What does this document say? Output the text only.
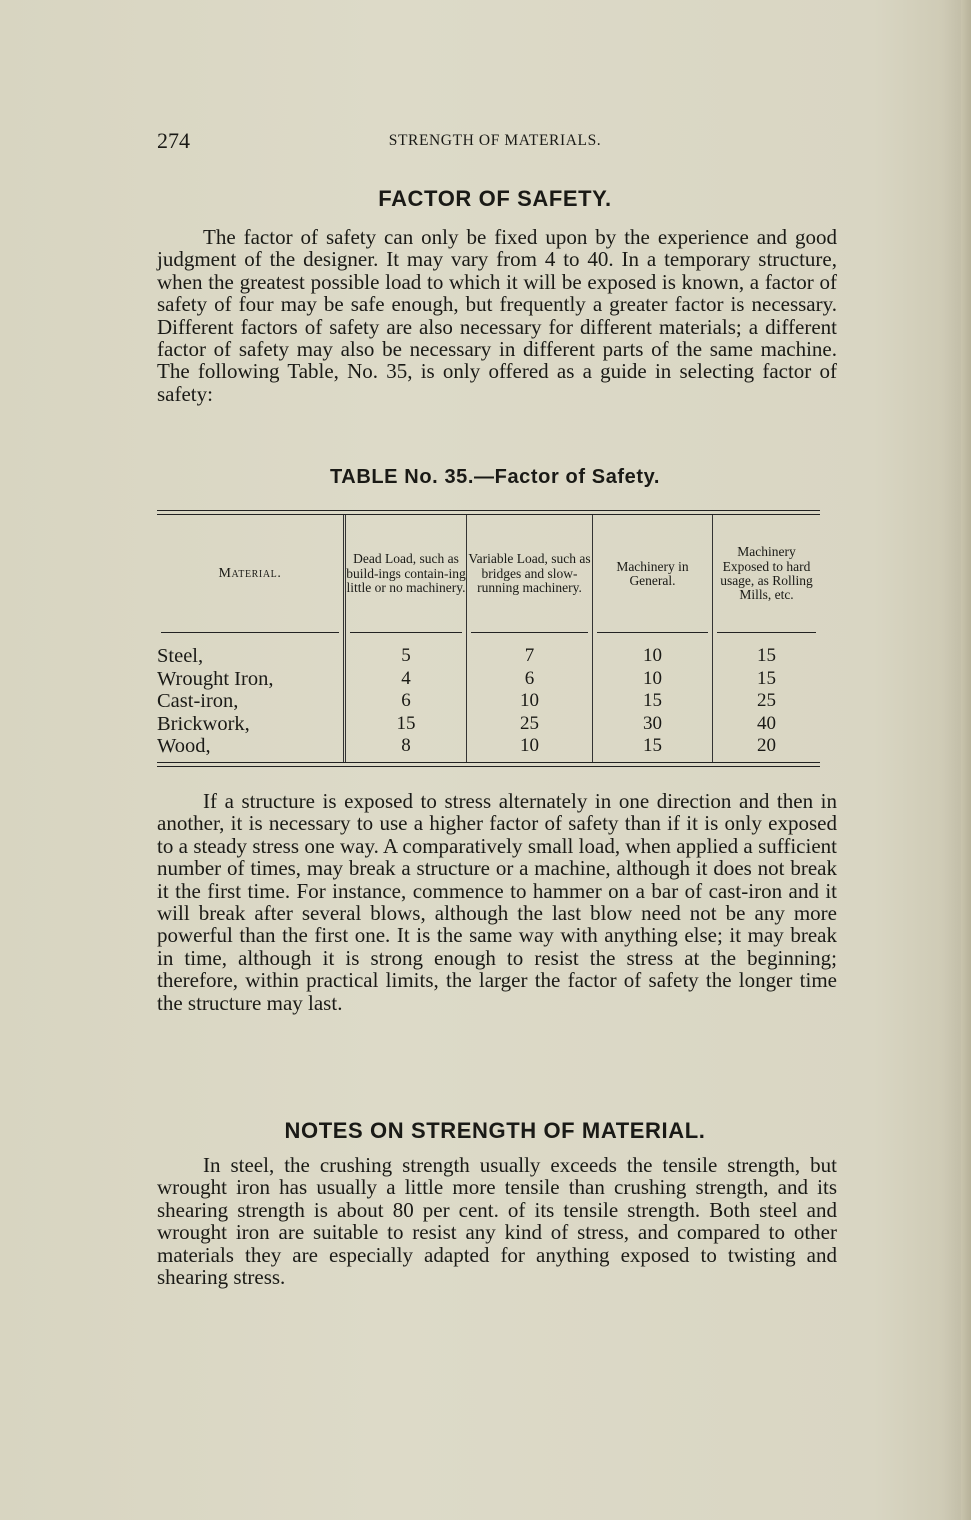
274	STRENGTH OF MATERIALS.
FACTOR OF SAFETY.
The factor of safety can only be fixed upon by the experience and good judgment of the designer. It may vary from 4 to 40. In a temporary structure, when the greatest possible load to which it will be exposed is known, a factor of safety of four may be safe enough, but frequently a greater factor is necessary. Different factors of safety are also necessary for different materials; a different factor of safety may also be necessary in different parts of the same machine. The following Table, No. 35, is only offered as a guide in selecting factor of safety:
TABLE No. 35.—Factor of Safety.
Material.
Dead Load, such as build-ings contain-ing little or no machinery.
Variable Load, such as bridges and slow-running machinery.
Machinery in General.
Machinery Exposed to hard usage, as Rolling Mills, etc.
Steel,
Wrought Iron,
Cast-iron,
Brickwork,
Wood,
5
4
6
15
8
7
6
10
25
10
10
10
15
30
15
15
15
25
40
20
If a structure is exposed to stress alternately in one direction and then in another, it is necessary to use a higher factor of safety than if it is only exposed to a steady stress one way. A comparatively small load, when applied a sufficient number of times, may break a structure or a machine, although it does not break it the first time. For instance, commence to hammer on a bar of cast-iron and it will break after several blows, although the last blow need not be any more powerful than the first one. It is the same way with anything else; it may break in time, although it is strong enough to resist the stress at the beginning; therefore, within practical limits, the larger the factor of safety the longer time the structure may last.
NOTES ON STRENGTH OF MATERIAL.
In steel, the crushing strength usually exceeds the tensile strength, but wrought iron has usually a little more tensile than crushing strength, and its shearing strength is about 80 per cent. of its tensile strength. Both steel and wrought iron are suitable to resist any kind of stress, and compared to other materials they are especially adapted for anything exposed to twisting and shearing stress.
